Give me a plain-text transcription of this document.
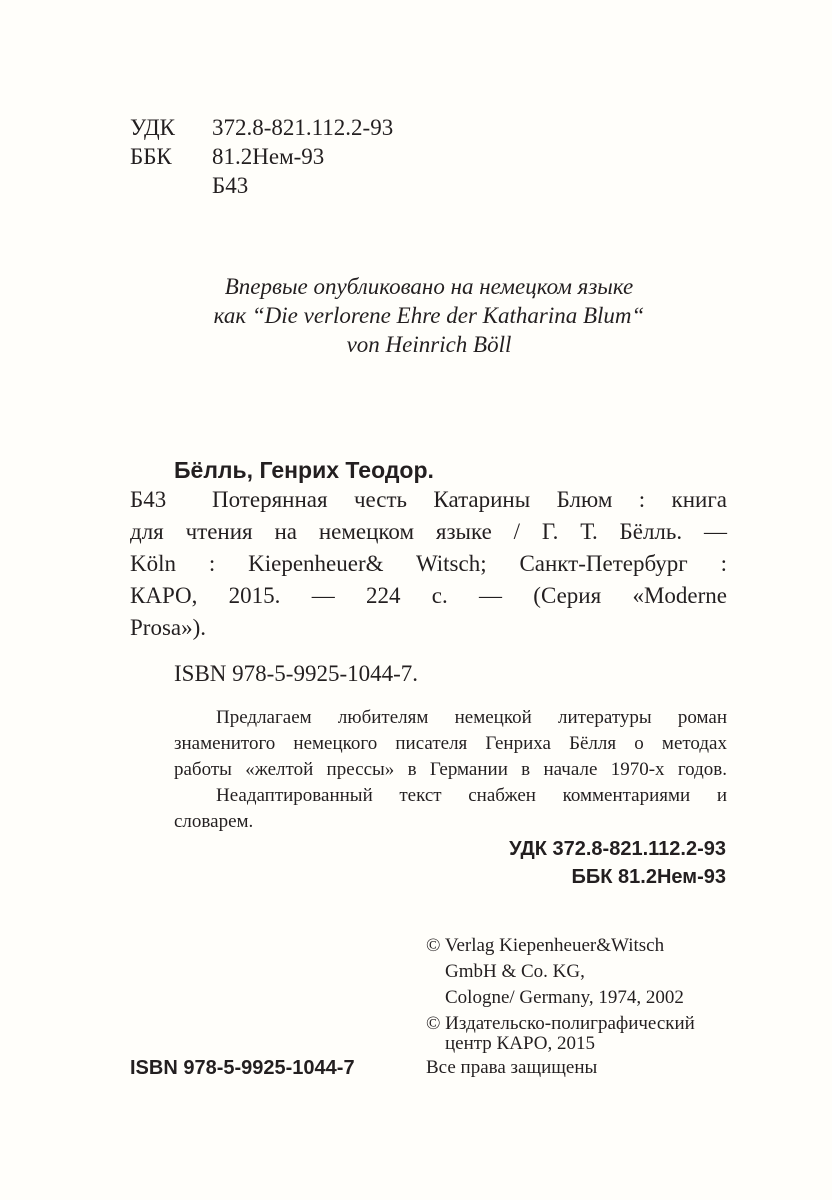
УДК 372.8-821.112.2-93
ББК 81.2Нем-93
Б43
Впервые опубликовано на немецком языке
как “Die verlorene Ehre der Katharina Blum“
von Heinrich Böll
Бёлль, Генрих Теодор.
Б43 Потерянная честь Катарины Блюм : книга
для чтения на немецком языке / Г. Т. Бёлль. —
Köln : Kiepenheuer& Witsch; Санкт-Петербург :
КАРО, 2015. — 224 с. — (Серия «Moderne
Prosa»).
ISBN 978-5-9925-1044-7.
Предлагаем любителям немецкой литературы роман
знаменитого немецкого писателя Генриха Бёлля о методах
работы «желтой прессы» в Германии в начале 1970-х годов.
Неадаптированный текст снабжен комментариями и
словарем.
УДК 372.8-821.112.2-93
ББК 81.2Нем-93
© Verlag Kiepenheuer&Witsch
GmbH & Co. KG,
Cologne/ Germany, 1974, 2002
© Издательско-полиграфический
центр КАРО, 2015
ISBN 978-5-9925-1044-7	Все права защищены
